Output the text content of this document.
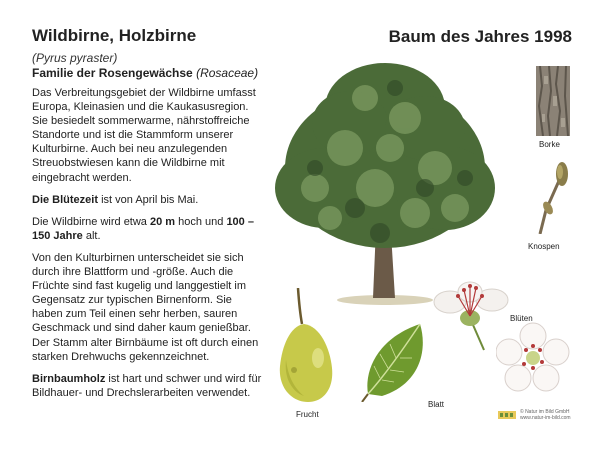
Wildbirne, Holzbirne	Baum des Jahres 1998
(Pyrus pyraster)
Familie der Rosengewächse (Rosaceae)

Das Verbreitungsgebiet der Wildbirne umfasst Europa, Kleinasien und die Kaukasusregion. Sie besiedelt sommerwarme, nährstoffreiche Standorte und ist die Stammform unserer Kulturbirne. Auch bei neu anzulegenden Streuobstwiesen kann die Wildbirne mit eingebracht werden.

Die Blütezeit ist von April bis Mai.

Die Wildbirne wird etwa 20 m hoch und 100 – 150 Jahre alt.

Von den Kulturbirnen unterscheidet sie sich durch ihre Blattform und -größe. Auch die Früchte sind fast kugelig und langgestielt im Gegensatz zur typischen Birnenform. Sie haben zum Teil einen sehr herben, sauren Geschmack und sind daher kaum genießbar. Der Stamm alter Birnbäume ist oft durch einen starken Drehwuchs gekennzeichnet.

Birnbaumholz ist hart und schwer und wird für Bildhauer- und Drechslerarbeiten verwendet.

Borke
Knospen
Blüten
Frucht
Blatt
© Natur im Bild GmbH
www.natur-im-bild.com
